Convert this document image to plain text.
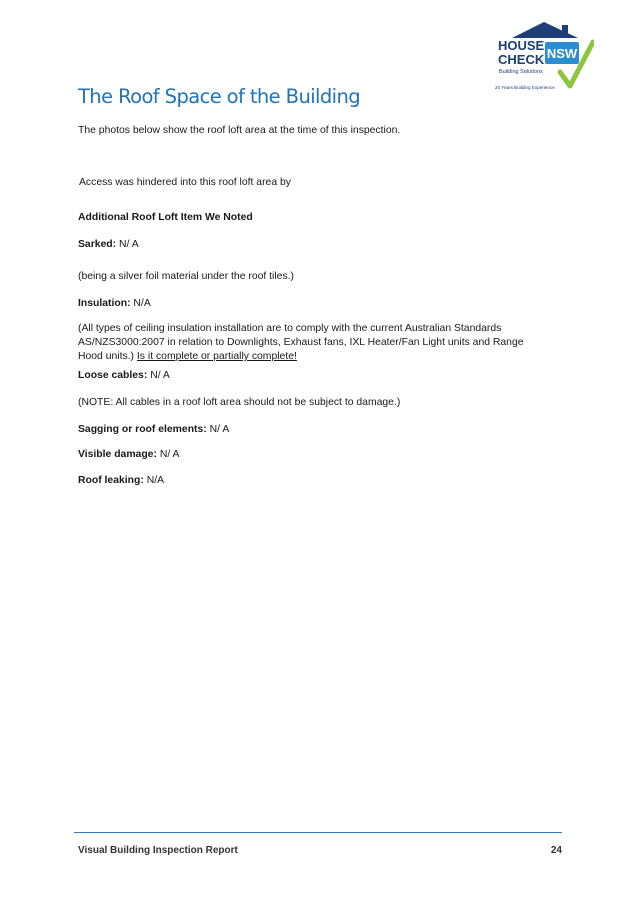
HOUSE
CHECK NSW
Building Solutions
20 Years Building Experience
The Roof Space of the Building

The photos below show the roof loft area at the time of this inspection.

Access was hindered into this roof loft area by

Additional Roof Loft Item We Noted

Sarked: N/ A

(being a silver foil material under the roof tiles.)

Insulation: N/A

(All types of ceiling insulation installation are to comply with the current Australian Standards

AS/NZS3000:2007 in relation to Downlights, Exhaust fans, IXL Heater/Fan Light units and Range

Hood units.) Is it complete or partially complete!

Loose cables: N/ A

(NOTE: All cables in a roof loft area should not be subject to damage.)

Sagging or roof elements: N/ A

Visible damage: N/ A

Roof leaking: N/A

Visual Building Inspection Report	24
